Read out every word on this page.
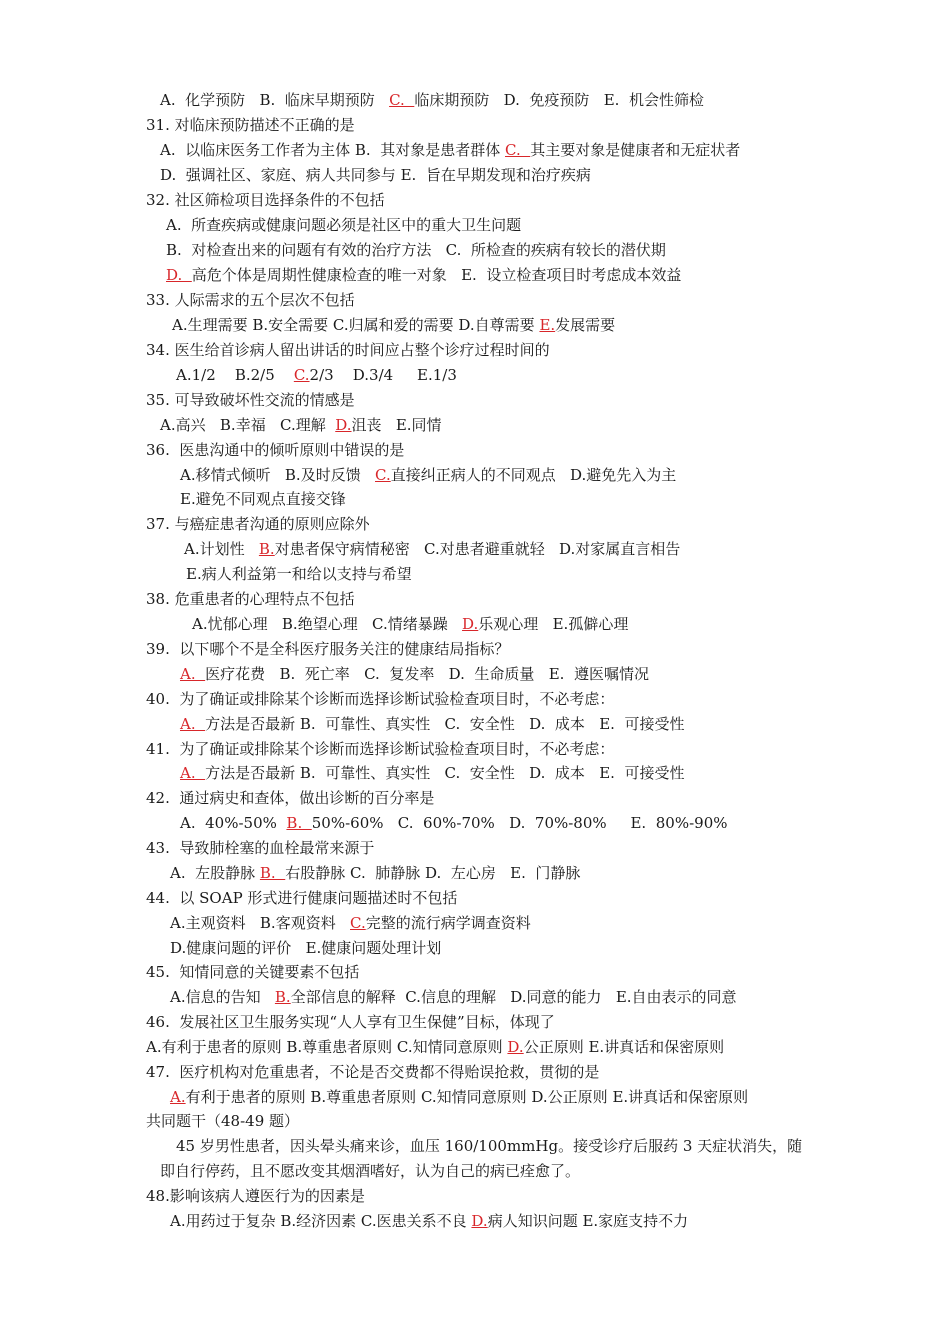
A.  化学预防   B.  临床早期预防   C.  临床期预防   D.  免疫预防   E.  机会性筛检
31. 对临床预防描述不正确的是
A.  以临床医务工作者为主体 B.  其对象是患者群体 C.  其主要对象是健康者和无症状者
D.  强调社区、家庭、病人共同参与 E.  旨在早期发现和治疗疾病
32. 社区筛检项目选择条件的不包括
A.  所查疾病或健康问题必须是社区中的重大卫生问题
B.  对检查出来的问题有有效的治疗方法   C.  所检查的疾病有较长的潜伏期
D.  高危个体是周期性健康检查的唯一对象   E.  设立检查项目时考虑成本效益
33. 人际需求的五个层次不包括
A.生理需要 B.安全需要 C.归属和爱的需要 D.自尊需要 E.发展需要
34. 医生给首诊病人留出讲话的时间应占整个诊疗过程时间的
A.1/2    B.2/5    C.2/3    D.3/4     E.1/3
35. 可导致破坏性交流的情感是
A.高兴   B.幸福   C.理解  D.沮丧   E.同情
36.  医患沟通中的倾听原则中错误的是
A.移情式倾听   B.及时反馈   C.直接纠正病人的不同观点   D.避免先入为主
E.避免不同观点直接交锋
37. 与癌症患者沟通的原则应除外
A.计划性   B.对患者保守病情秘密   C.对患者避重就轻   D.对家属直言相告
E.病人利益第一和给以支持与希望
38. 危重患者的心理特点不包括
A.忧郁心理   B.绝望心理   C.情绪暴躁   D.乐观心理   E.孤僻心理
39.  以下哪个不是全科医疗服务关注的健康结局指标？
A.  医疗花费   B.  死亡率   C.  复发率   D.  生命质量   E.  遵医嘱情况
40.  为了确证或排除某个诊断而选择诊断试验检查项目时，不必考虑：
A.  方法是否最新 B.  可靠性、真实性   C.  安全性   D.  成本   E.  可接受性
41.  为了确证或排除某个诊断而选择诊断试验检查项目时，不必考虑：
A.  方法是否最新 B.  可靠性、真实性   C.  安全性   D.  成本   E.  可接受性
42.  通过病史和查体，做出诊断的百分率是
A.  40%-50%  B.  50%-60%   C.  60%-70%   D.  70%-80%     E.  80%-90%
43.  导致肺栓塞的血栓最常来源于
A.  左股静脉 B.  右股静脉 C.  肺静脉 D.  左心房   E.  门静脉
44.  以 SOAP 形式进行健康问题描述时不包括
A.主观资料   B.客观资料   C.完整的流行病学调查资料
D.健康问题的评价   E.健康问题处理计划
45.  知情同意的关键要素不包括
A.信息的告知   B.全部信息的解释  C.信息的理解   D.同意的能力   E.自由表示的同意
46.  发展社区卫生服务实现“人人享有卫生保健”目标，体现了
A.有利于患者的原则 B.尊重患者原则 C.知情同意原则 D.公正原则 E.讲真话和保密原则
47.  医疗机构对危重患者，不论是否交费都不得贻误抢救，贯彻的是
A.有利于患者的原则 B.尊重患者原则 C.知情同意原则 D.公正原则 E.讲真话和保密原则
共同题干（48-49 题）
45 岁男性患者，因头晕头痛来诊，血压 160/100mmHg。接受诊疗后服药 3 天症状消失，随
即自行停药，且不愿改变其烟酒嗜好，认为自己的病已痊愈了。
48.影响该病人遵医行为的因素是
A.用药过于复杂 B.经济因素 C.医患关系不良 D.病人知识问题 E.家庭支持不力
